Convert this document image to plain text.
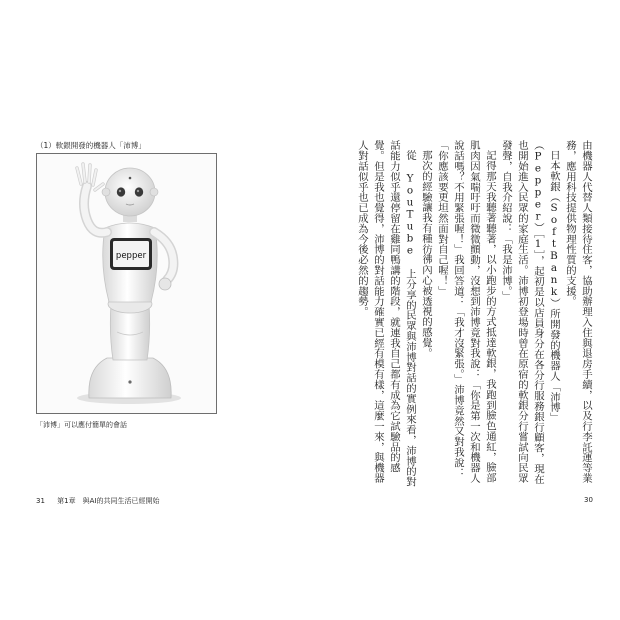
（1）軟銀開發的機器人「沛博」
pepper
「沛博」可以應付簡單的會話	由機器人代替人類接待住客，協助辦理入住與退房手續，以及行李託運等業務，應用科技提供物理性質的支援。

日本軟銀（SoftBank）所開發的機器人「沛博」（Pepper）［1］，起初是以店員身分在各分行服務銀行顧客，現在也開始進入民眾的家庭生活。沛博初登場時曾在原宿的軟銀分行嘗試向民眾發聲，自我介紹說：「我是沛博。」

記得那天我聽著聽著，以小跑步的方式抵達軟銀，我跑到臉色通紅，臉部肌肉因氣喘吁吁而微微顫動，沒想到沛博竟對我說：「你是第一次和機器人說話嗎？不用緊張喔！」我回答道：「我才沒緊張。」沛博竟然又對我說：「你應該要更坦然面對自己喔！」

那次的經驗讓我有種彷彿內心被透視的感覺。

從 YouTube 上分享的民眾與沛博對話的實例來看，沛博的對話能力似乎還停留在雞同鴨講的階段，就連我自己都有成為它試驗品的感覺。但是我也覺得，沛博的對話能力確實已經有模有樣，這麼一來，與機器人對話似乎也已成為今後必然的趨勢。

31 第1章　與AI的共同生活已經開始	30
